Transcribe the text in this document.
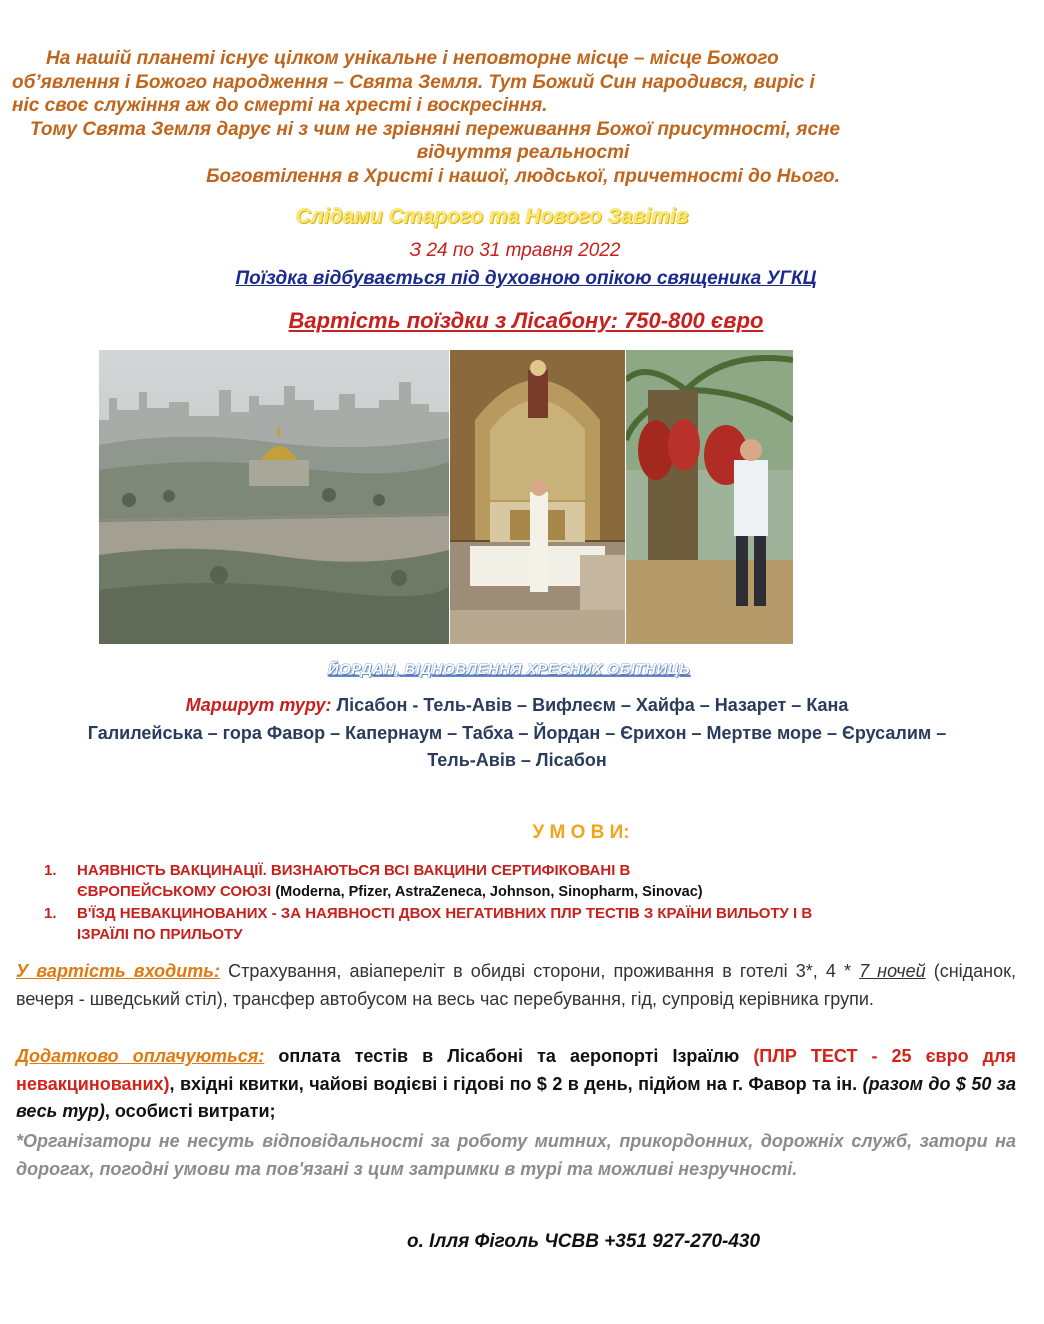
На нашій планеті існує цілком унікальне і неповторне місце – місце Божого
об’явлення і Божого народження – Свята Земля. Тут Божий Син народився, виріс і
ніс своє служіння аж до смерті на хресті і воскресіння.
Тому Свята Земля дарує ні з чим не зрівняні переживання Божої присутності, ясне
відчуття реальності
Боговтілення в Христі і нашої, людської, причетності до Нього.
Слідами Старого та Нового Завітів
З 24 по 31 травня 2022
Поїздка відбувається під духовною опікою священика УГКЦ
Вартість поїздки з Лісабону: 750-800 євро
ЙОРДАН, ВІДНОВЛЕННЯ ХРЕСНИХ ОБІТНИЦЬ
Маршрут туру: Лісабон - Тель-Авів – Вифлеєм – Хайфа – Назарет – Кана
Галилейська – гора Фавор – Капернаум – Табха – Йордан – Єрихон – Мертве море – Єрусалим –
Тель-Авів – Лісабон
У М О В И:
1. НАЯВНІСТЬ ВАКЦИНАЦІЇ. ВИЗНАЮТЬСЯ ВСІ ВАКЦИНИ СЕРТИФІКОВАНІ В
ЄВРОПЕЙСЬКОМУ СОЮЗІ (Moderna, Pfizer, AstraZeneca, Johnson, Sinopharm, Sinovac)
1. В'ЇЗД НЕВАКЦИНОВАНИХ - ЗА НАЯВНОСТІ ДВОХ НЕГАТИВНИХ ПЛР ТЕСТІВ З КРАЇНИ ВИЛЬОТУ І В
ІЗРАЇЛІ ПО ПРИЛЬОТУ
У вартість входить: Страхування, авіапереліт в обидві сторони, проживання в готелі 3*, 4 * 7 ночей (сніданок, вечеря - шведський стіл), трансфер автобусом на весь час перебування, гід, супровід керівника групи.
Додатково оплачуються: оплата тестів в Лісабоні та аеропорті Ізраїлю (ПЛР ТЕСТ - 25 євро для невакцинованих), вхідні квитки, чайові водієві і гідові по $ 2 в день, підйом на г. Фавор та ін. (разом до $ 50 за весь тур), особисті витрати;
*Організатори не несуть відповідальності за роботу митних, прикордонних, дорожніх служб, затори на дорогах, погодні умови та пов'язані з цим затримки в турі та можливі незручності.
о. Ілля Фіголь ЧСВВ +351 927-270-430
